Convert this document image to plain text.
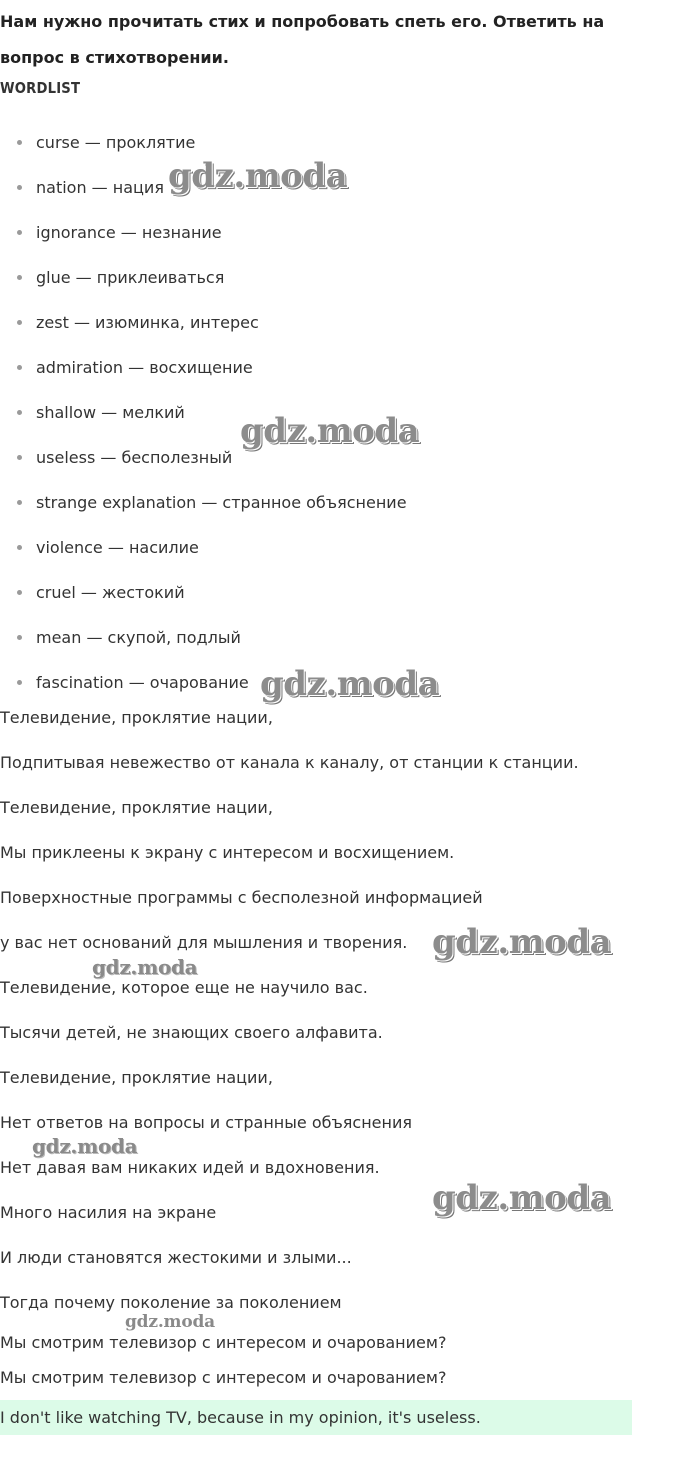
Нам нужно прочитать стих и попробовать спеть его. Ответить на вопрос в стихотворении.
WORDLIST
curse — проклятие
nation — нация
ignorance — незнание
glue — приклеиваться
zest — изюминка, интерес
admiration — восхищение
shallow — мелкий
useless — бесполезный
strange explanation — странное объяснение
violence — насилие
cruel — жестокий
mean — скупой, подлый
fascination — очарование
Телевидение, проклятие нации,
Подпитывая невежество от канала к каналу, от станции к станции.
Телевидение, проклятие нации,
Мы приклеены к экрану с интересом и восхищением.
Поверхностные программы с бесполезной информацией
у вас нет оснований для мышления и творения.
Телевидение, которое еще не научило вас.
Тысячи детей, не знающих своего алфавита.
Телевидение, проклятие нации,
Нет ответов на вопросы и странные объяснения
Нет давая вам никаких идей и вдохновения.
Много насилия на экране
И люди становятся жестокими и злыми...
Тогда почему поколение за поколением
Мы смотрим телевизор с интересом и очарованием?
Мы смотрим телевизор с интересом и очарованием?
I don't like watching TV, because in my opinion, it's useless.
gdz.moda
gdz.moda
gdz.moda
gdz.moda
gdz.moda
gdz.moda
gdz.moda
gdz.moda
